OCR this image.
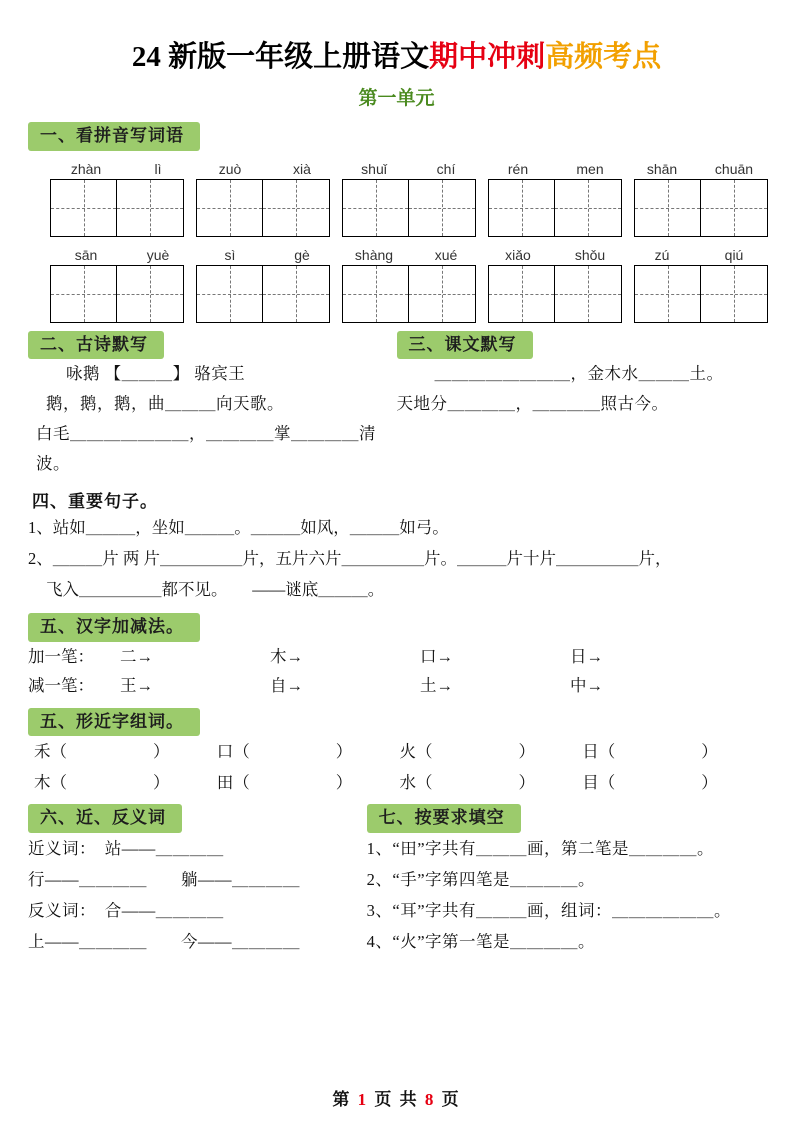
24 新版一年级上册语文期中冲刺高频考点
第一单元
一、看拼音写词语
zhàn	lì	zuò	xià	shuǐ	chí	rén	men	shān	chuān
sān	yuè	sì	gè	shàng	xué	xiǎo	shǒu	zú	qiú
二、古诗默写
咏鹅 【＿＿＿】 骆宾王
鹅，鹅，鹅，曲＿＿＿向天歌。
白毛＿＿＿＿＿＿＿，＿＿＿＿掌＿＿＿＿清波。
三、课文默写
＿＿＿＿＿＿＿＿，金木水＿＿＿土。
天地分＿＿＿＿，＿＿＿＿照古今。
四、重要句子。
1、站如＿＿＿，坐如＿＿＿。＿＿＿如风，＿＿＿如弓。
2、＿＿＿片 两 片＿＿＿＿＿片，五片六片＿＿＿＿＿片。＿＿＿片十片＿＿＿＿＿片，
飞入＿＿＿＿＿都不见。　　——谜底＿＿＿。
五、汉字加减法。
加一笔：	二→	木→	口→	日→
减一笔：	王→	自→	土→	中→
五、形近字组词。
禾（	）	口（	）	火（	）	日（	）
木（	）	田（	）	水（	）	目（	）
六、近、反义词
近义词：　站——＿＿＿＿
行——＿＿＿＿　　躺——＿＿＿＿
反义词：　合——＿＿＿＿
上——＿＿＿＿　　今——＿＿＿＿
七、按要求填空
1、“田”字共有＿＿＿画，第二笔是＿＿＿＿。
2、“手”字第四笔是＿＿＿＿。
3、“耳”字共有＿＿＿画，组词：＿＿＿＿＿＿。
4、“火”字第一笔是＿＿＿＿。
第 1 页 共 8 页
